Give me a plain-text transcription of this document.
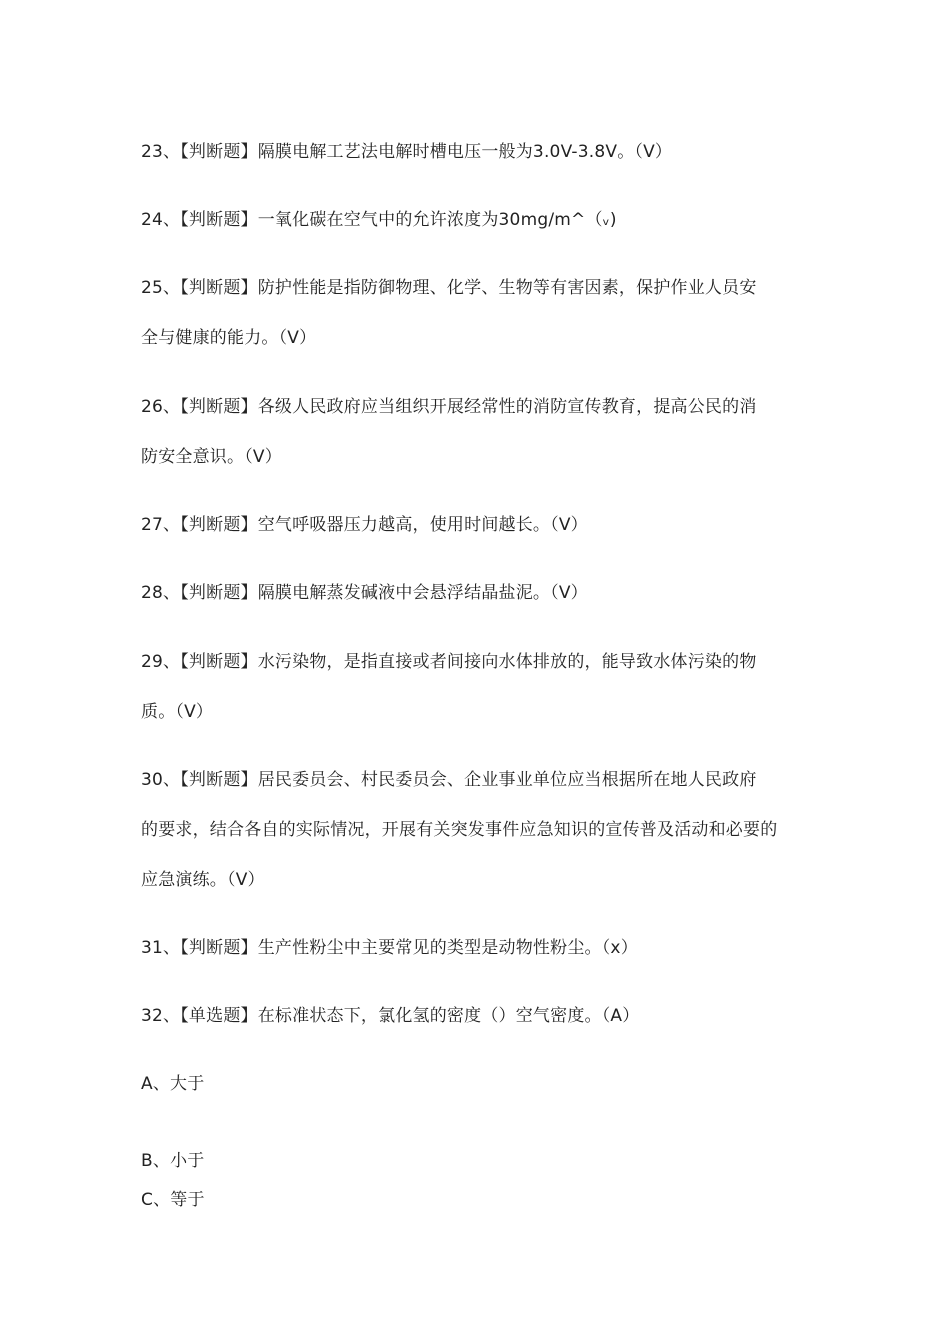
23、【判断题】隔膜电解工艺法电解时槽电压一般为3.0V-3.8V。（V）
24、【判断题】一氧化碳在空气中的允许浓度为30mg/m^（ᵥ)
25、【判断题】防护性能是指防御物理、化学、生物等有害因素，保护作业人员安
全与健康的能力。（V）
26、【判断题】各级人民政府应当组织开展经常性的消防宣传教育，提高公民的消
防安全意识。（V）
27、【判断题】空气呼吸器压力越高，使用时间越长。（V）
28、【判断题】隔膜电解蒸发碱液中会悬浮结晶盐泥。（V）
29、【判断题】水污染物，是指直接或者间接向水体排放的，能导致水体污染的物
质。（V）
30、【判断题】居民委员会、村民委员会、企业事业单位应当根据所在地人民政府
的要求，结合各自的实际情况，开展有关突发事件应急知识的宣传普及活动和必要的
应急演练。（V）
31、【判断题】生产性粉尘中主要常见的类型是动物性粉尘。（x）
32、【单选题】在标准状态下，氯化氢的密度（）空气密度。（A）
A、大于
B、小于
C、等于
